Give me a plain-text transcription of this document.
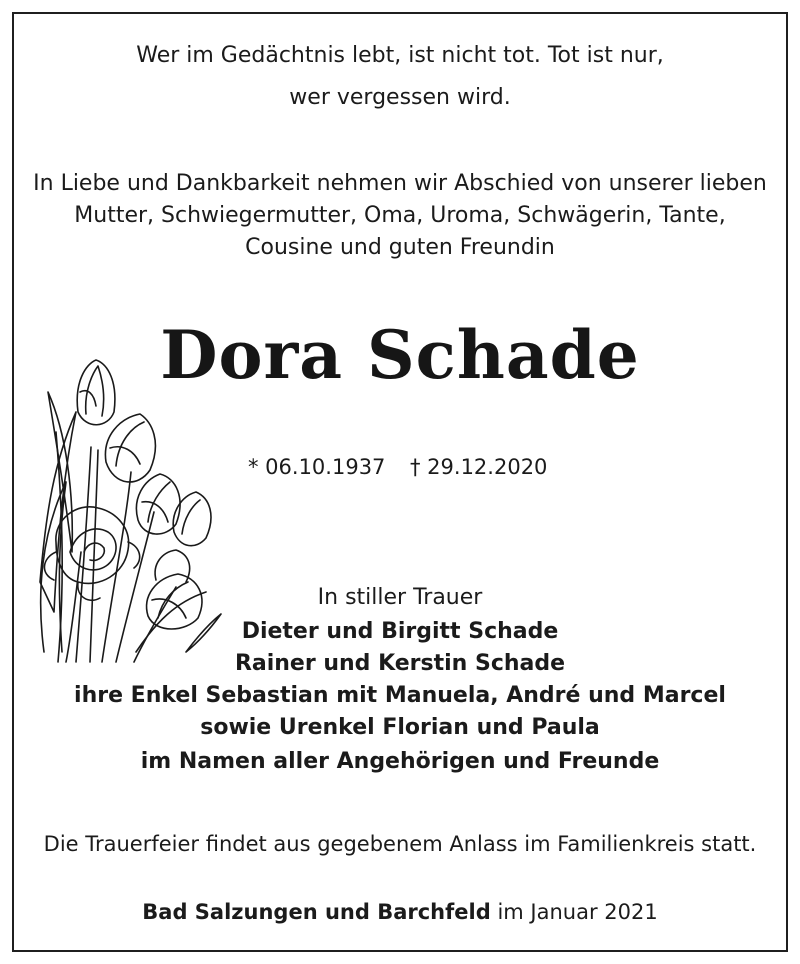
Wer im Gedächtnis lebt, ist nicht tot. Tot ist nur,
wer vergessen wird.
In Liebe und Dankbarkeit nehmen wir Abschied von unserer lieben
Mutter, Schwiegermutter, Oma, Uroma, Schwägerin, Tante,
Cousine und guten Freundin
Dora Schade
* 06.10.1937 † 29.12.2020
In stiller Trauer
Dieter und Birgitt Schade
Rainer und Kerstin Schade
ihre Enkel Sebastian mit Manuela, André und Marcel
sowie Urenkel Florian und Paula
im Namen aller Angehörigen und Freunde
Die Trauerfeier findet aus gegebenem Anlass im Familienkreis statt.
Bad Salzungen und Barchfeld im Januar 2021
